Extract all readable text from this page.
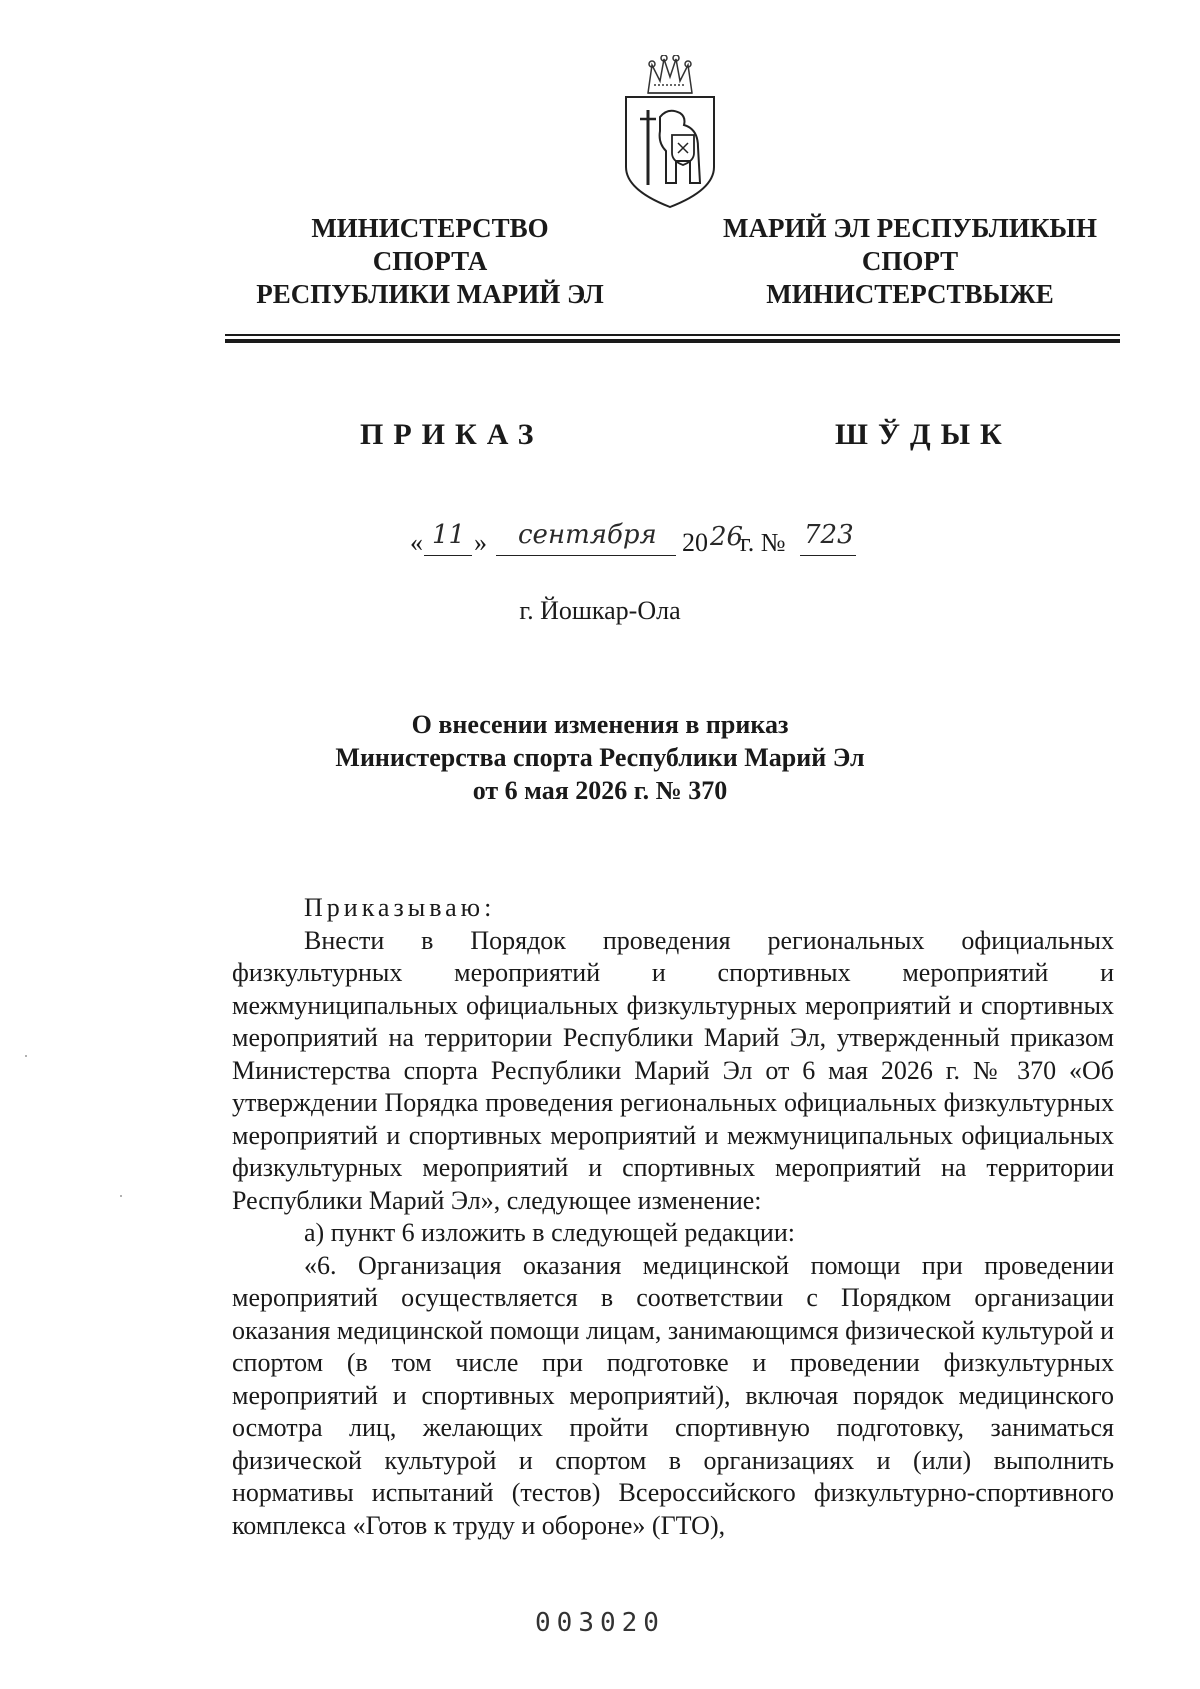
МИНИСТЕРСТВО
СПОРТА
РЕСПУБЛИКИ МАРИЙ ЭЛ
МАРИЙ ЭЛ РЕСПУБЛИКЫН
СПОРТ
МИНИСТЕРСТВЫЖЕ
ПРИКАЗ	ШЎДЫК
« 11 » сентября 20 26
г. № 723
г. Йошкар-Ола
О внесении изменения в приказ
Министерства спорта Республики Марий Эл
от 6 мая 2026 г. № 370

Приказываю:

Внести в Порядок проведения региональных официальных физкультурных мероприятий и спортивных мероприятий и межмуниципальных официальных физкультурных мероприятий и спортивных мероприятий на территории Республики Марий Эл, утвержденный приказом Министерства спорта Республики Марий Эл от 6 мая 2026 г. № 370 «Об утверждении Порядка проведения региональных официальных физкультурных мероприятий и спортивных мероприятий и межмуниципальных официальных физкультурных мероприятий и спортивных мероприятий на территории Республики Марий Эл», следующее изменение:

а) пункт 6 изложить в следующей редакции:

«6. Организация оказания медицинской помощи при проведении мероприятий осуществляется в соответствии с Порядком организации оказания медицинской помощи лицам, занимающимся физической культурой и спортом (в том числе при подготовке и проведении физкультурных мероприятий и спортивных мероприятий), включая порядок медицинского осмотра лиц, желающих пройти спортивную подготовку, заниматься физической культурой и спортом в организациях и (или) выполнить нормативы испытаний (тестов) Всероссийского физкультурно-спортивного комплекса «Готов к труду и обороне» (ГТО),

003020
